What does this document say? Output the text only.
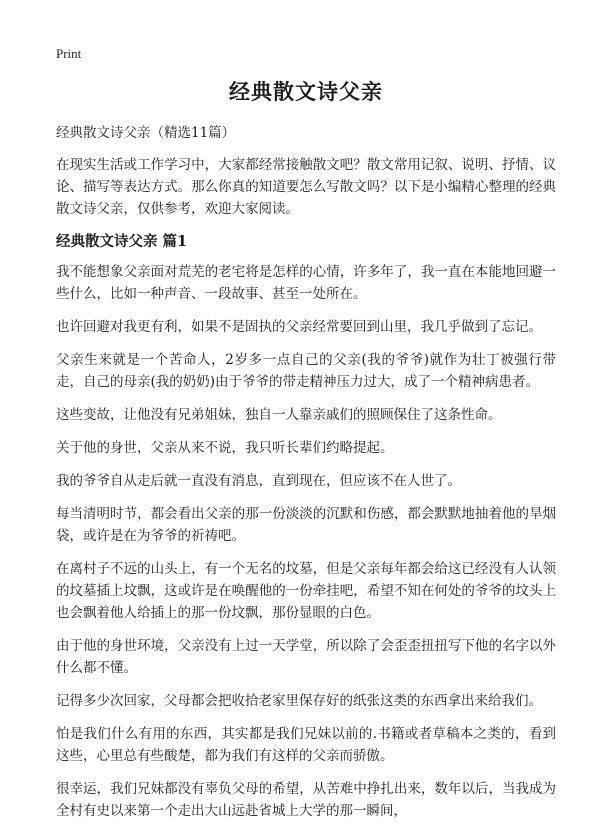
Print
经典散文诗父亲
经典散文诗父亲（精选11篇）

在现实生活或工作学习中，大家都经常接触散文吧？散文常用记叙、说明、抒情、议论、描写等表达方式。那么你真的知道要怎么写散文吗？以下是小编精心整理的经典散文诗父亲，仅供参考，欢迎大家阅读。

经典散文诗父亲 篇1

我不能想象父亲面对荒芜的老宅将是怎样的心情，许多年了，我一直在本能地回避一些什么，比如一种声音、一段故事、甚至一处所在。

也许回避对我更有利，如果不是固执的父亲经常要回到山里，我几乎做到了忘记。

父亲生来就是一个苦命人，2岁多一点自己的父亲(我的爷爷)就作为壮丁被强行带走，自己的母亲(我的奶奶)由于爷爷的带走精神压力过大，成了一个精神病患者。

这些变故，让他没有兄弟姐妹，独自一人靠亲戚们的照顾保住了这条性命。

关于他的身世，父亲从来不说，我只听长辈们约略提起。

我的爷爷自从走后就一直没有消息，直到现在，但应该不在人世了。

每当清明时节，都会看出父亲的那一份淡淡的沉默和伤感，都会默默地抽着他的旱烟袋，或许是在为爷爷的祈祷吧。

在离村子不远的山头上，有一个无名的坟墓，但是父亲每年都会给这已经没有人认领的坟墓插上坟飘，这或许是在唤醒他的一份牵挂吧，希望不知在何处的爷爷的坟头上也会飘着他人给插上的那一份坟飘，那份显眼的白色。

由于他的身世环境，父亲没有上过一天学堂，所以除了会歪歪扭扭写下他的名字以外什么都不懂。

记得多少次回家，父母都会把收拾老家里保存好的纸张这类的东西拿出来给我们。

怕是我们什么有用的东西，其实都是我们兄妹以前的.书籍或者草稿本之类的，看到这些，心里总有些酸楚，都为我们有这样的父亲而骄傲。

很幸运，我们兄妹都没有辜负父母的希望，从苦难中挣扎出来，数年以后，当我成为全村有史以来第一个走出大山远赴省城上大学的那一瞬间，
